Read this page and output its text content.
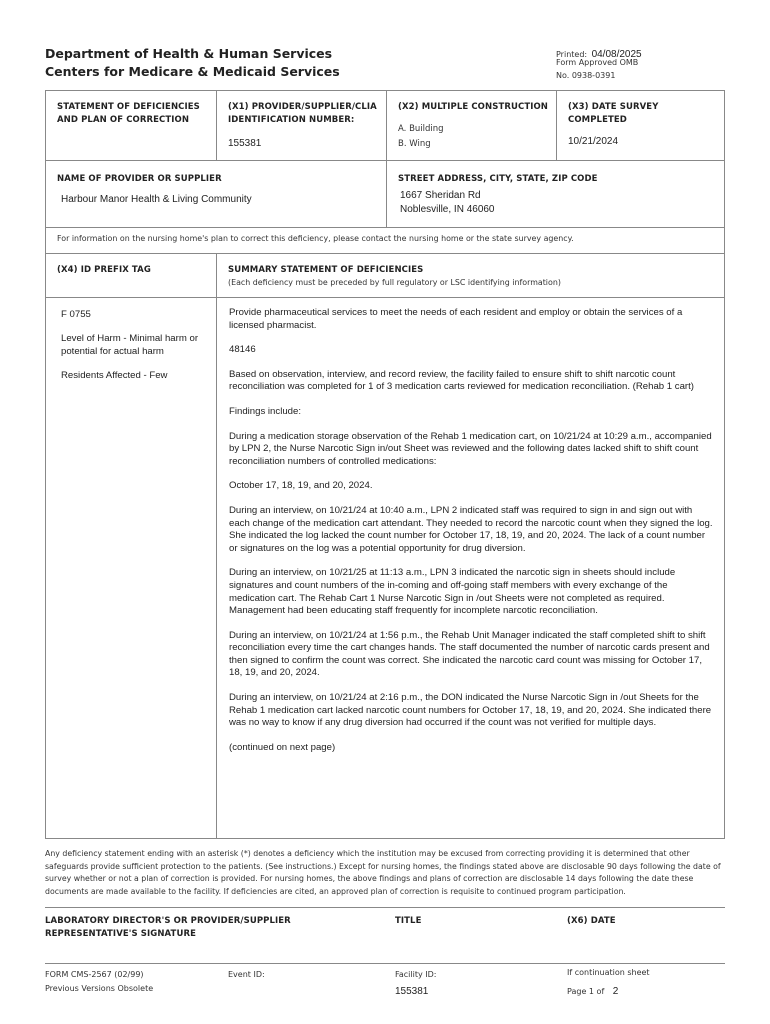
Department of Health & Human Services
Centers for Medicare & Medicaid Services
Printed: 04/08/2025
Form Approved OMB
No. 0938-0391
STATEMENT OF DEFICIENCIES AND PLAN OF CORRECTION
(X1) PROVIDER/SUPPLIER/CLIA IDENTIFICATION NUMBER:
155381
(X2) MULTIPLE CONSTRUCTION
A. Building
B. Wing
(X3) DATE SURVEY COMPLETED
10/21/2024
NAME OF PROVIDER OR SUPPLIER
Harbour Manor Health & Living Community
STREET ADDRESS, CITY, STATE, ZIP CODE
1667 Sheridan Rd
Noblesville, IN 46060
For information on the nursing home's plan to correct this deficiency, please contact the nursing home or the state survey agency.
(X4) ID PREFIX TAG	SUMMARY STATEMENT OF DEFICIENCIES
(Each deficiency must be preceded by full regulatory or LSC identifying information)
F 0755
Level of Harm - Minimal harm or potential for actual harm
Residents Affected - Few

Provide pharmaceutical services to meet the needs of each resident and employ or obtain the services of a licensed pharmacist.

48146

Based on observation, interview, and record review, the facility failed to ensure shift to shift narcotic count reconciliation was completed for 1 of 3 medication carts reviewed for medication reconciliation. (Rehab 1 cart)

Findings include:

During a medication storage observation of the Rehab 1 medication cart, on 10/21/24 at 10:29 a.m., accompanied by LPN 2, the Nurse Narcotic Sign in/out Sheet was reviewed and the following dates lacked shift to shift count reconciliation numbers of controlled medications:

October 17, 18, 19, and 20, 2024.

During an interview, on 10/21/24 at 10:40 a.m., LPN 2 indicated staff was required to sign in and sign out with each change of the medication cart attendant. They needed to record the narcotic count when they signed the log. She indicated the log lacked the count number for October 17, 18, 19, and 20, 2024. The lack of a count number or signatures on the log was a potential opportunity for drug diversion.

During an interview, on 10/21/25 at 11:13 a.m., LPN 3 indicated the narcotic sign in sheets should include signatures and count numbers of the in-coming and off-going staff members with every exchange of the medication cart. The Rehab Cart 1 Nurse Narcotic Sign in /out Sheets were not completed as required. Management had been educating staff frequently for incomplete narcotic reconciliation.

During an interview, on 10/21/24 at 1:56 p.m., the Rehab Unit Manager indicated the staff completed shift to shift reconciliation every time the cart changes hands. The staff documented the number of narcotic cards present and then signed to confirm the count was correct. She indicated the narcotic card count was missing for October 17, 18, 19, and 20, 2024.

During an interview, on 10/21/24 at 2:16 p.m., the DON indicated the Nurse Narcotic Sign in /out Sheets for the Rehab 1 medication cart lacked narcotic count numbers for October 17, 18, 19, and 20, 2024. She indicated there was no way to know if any drug diversion had occurred if the count was not verified for multiple days.

(continued on next page)

Any deficiency statement ending with an asterisk (*) denotes a deficiency which the institution may be excused from correcting providing it is determined that other safeguards provide sufficient protection to the patients. (See instructions.) Except for nursing homes, the findings stated above are disclosable 90 days following the date of survey whether or not a plan of correction is provided. For nursing homes, the above findings and plans of correction are disclosable 14 days following the date these documents are made available to the facility. If deficiencies are cited, an approved plan of correction is requisite to continued program participation.
LABORATORY DIRECTOR'S OR PROVIDER/SUPPLIER REPRESENTATIVE'S SIGNATURE
TITLE	(X6) DATE
FORM CMS-2567 (02/99)
Previous Versions Obsolete
Event ID:	Facility ID:
155381
If continuation sheet
Page 1 of 2
